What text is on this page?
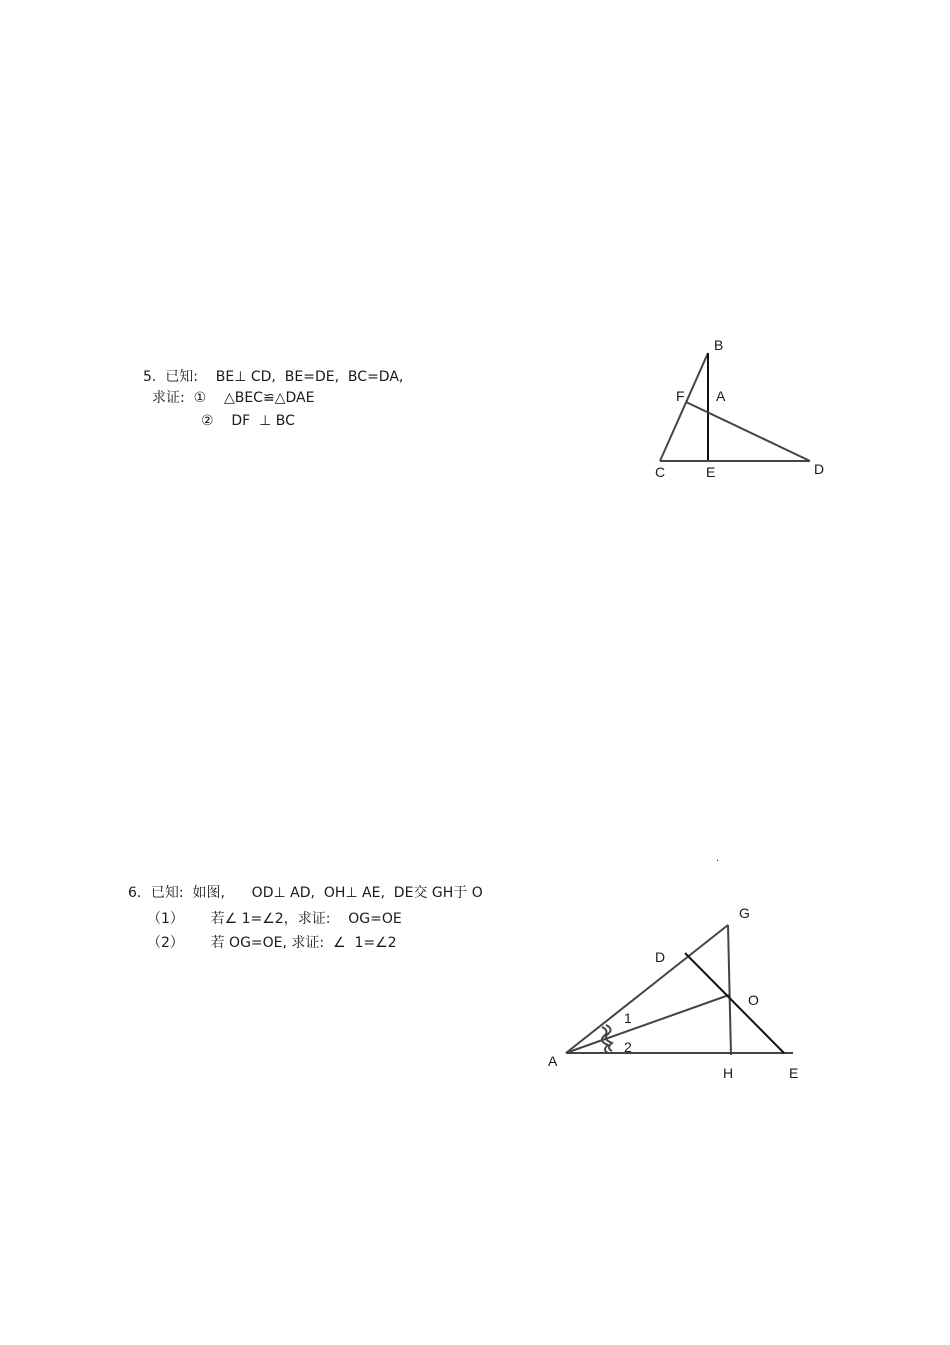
5.  已知:    BE⊥ CD,  BE=DE,  BC=DA,
求证:  ①    △BEC≌△DAE
②    DF  ⊥ BC
B
F A
C	E	D
.
6．已知:  如图,      OD⊥ AD,  OH⊥ AE,  DE交 GH于 O
（1）      若∠ 1=∠2，求证:    OG=OE
（2）      若 OG=OE, 求证:  ∠  1=∠2
G
D
O
1
2
A
H	E
